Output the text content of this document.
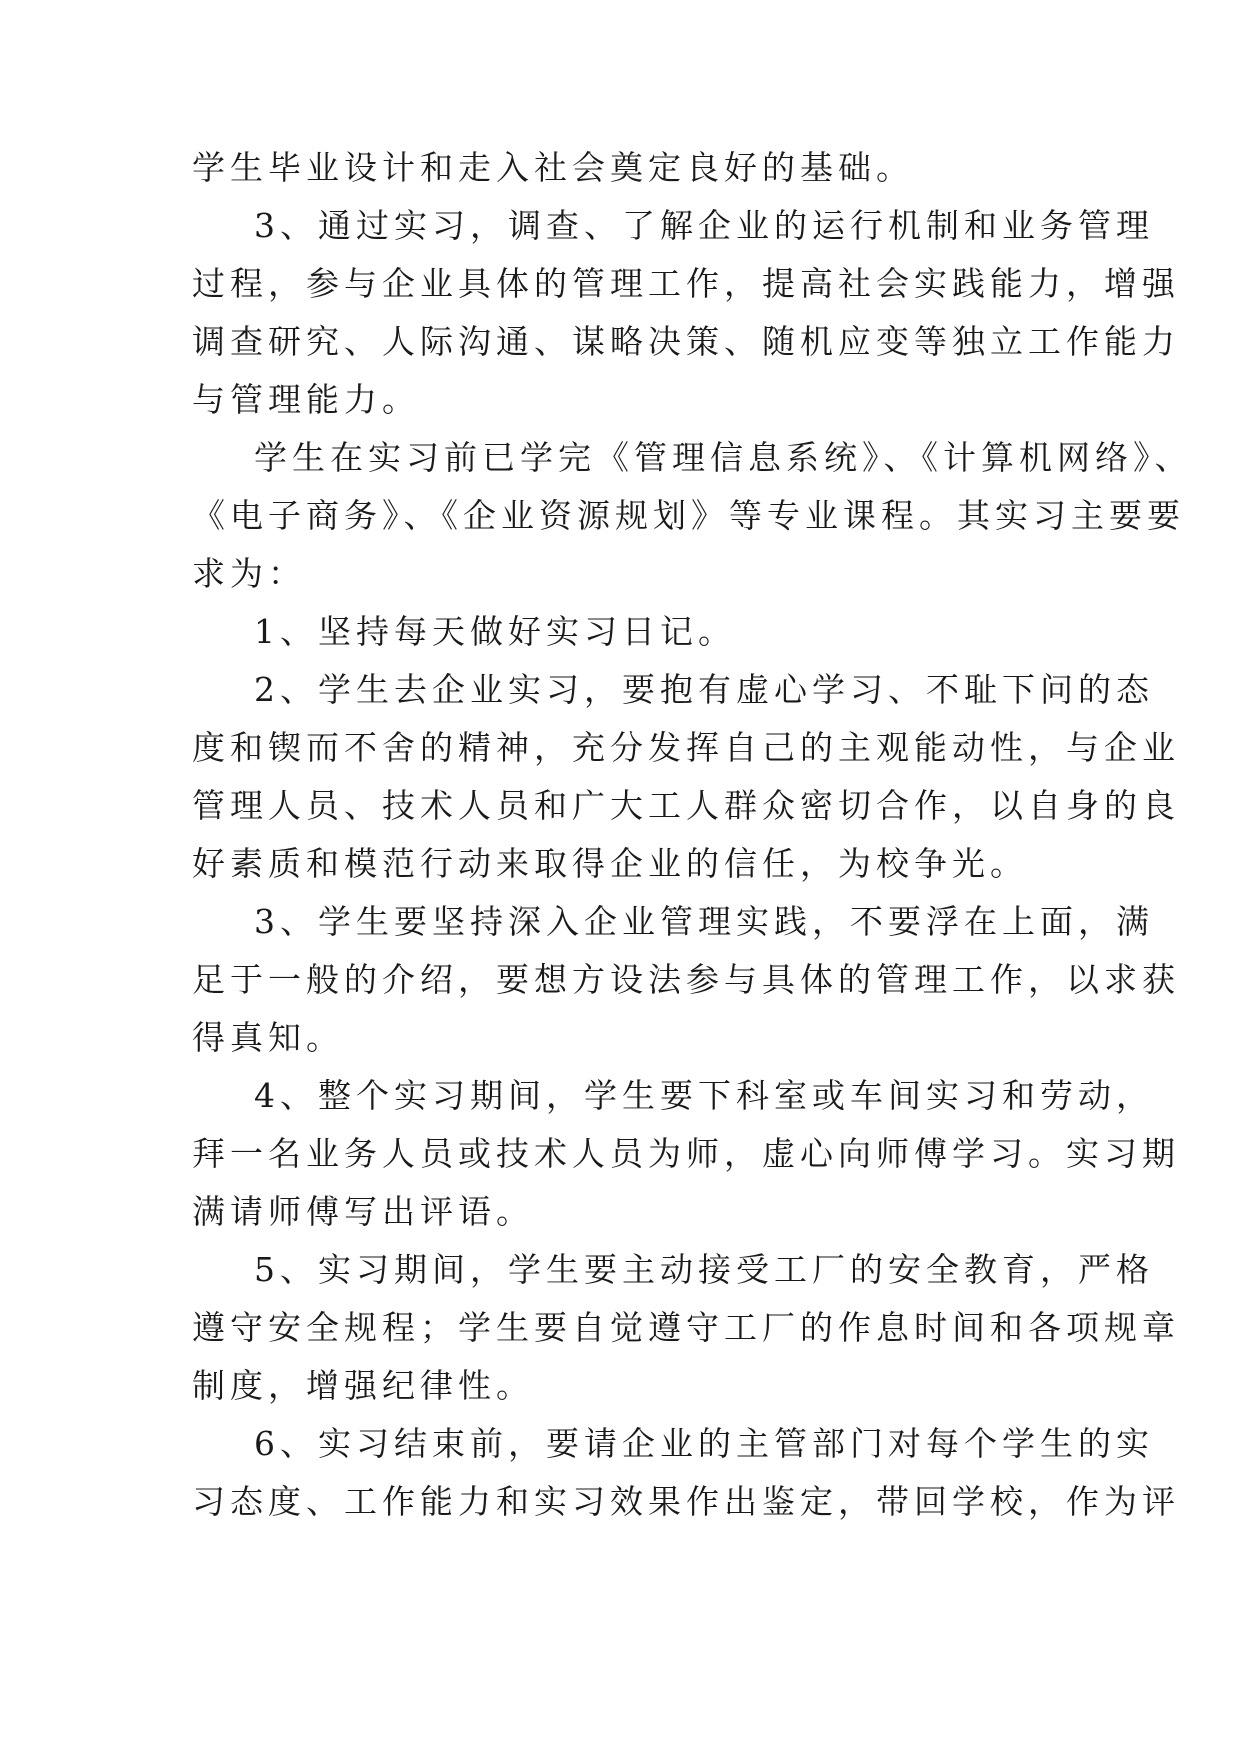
学生毕业设计和走入社会奠定良好的基础。

3、通过实习，调查、了解企业的运行机制和业务管理

过程，参与企业具体的管理工作，提高社会实践能力，增强

调查研究、人际沟通、谋略决策、随机应变等独立工作能力

与管理能力。

学生在实习前已学完《管理信息系统》、《计算机网络》、

《电子商务》、《企业资源规划》等专业课程。其实习主要要

求为：

1、坚持每天做好实习日记。

2、学生去企业实习，要抱有虚心学习、不耻下问的态

度和锲而不舍的精神，充分发挥自己的主观能动性，与企业

管理人员、技术人员和广大工人群众密切合作，以自身的良

好素质和模范行动来取得企业的信任，为校争光。

3、学生要坚持深入企业管理实践，不要浮在上面，满

足于一般的介绍，要想方设法参与具体的管理工作，以求获

得真知。

4、整个实习期间，学生要下科室或车间实习和劳动，

拜一名业务人员或技术人员为师，虚心向师傅学习。实习期

满请师傅写出评语。

5、实习期间，学生要主动接受工厂的安全教育，严格

遵守安全规程；学生要自觉遵守工厂的作息时间和各项规章

制度，增强纪律性。

6、实习结束前，要请企业的主管部门对每个学生的实

习态度、工作能力和实习效果作出鉴定，带回学校，作为评
